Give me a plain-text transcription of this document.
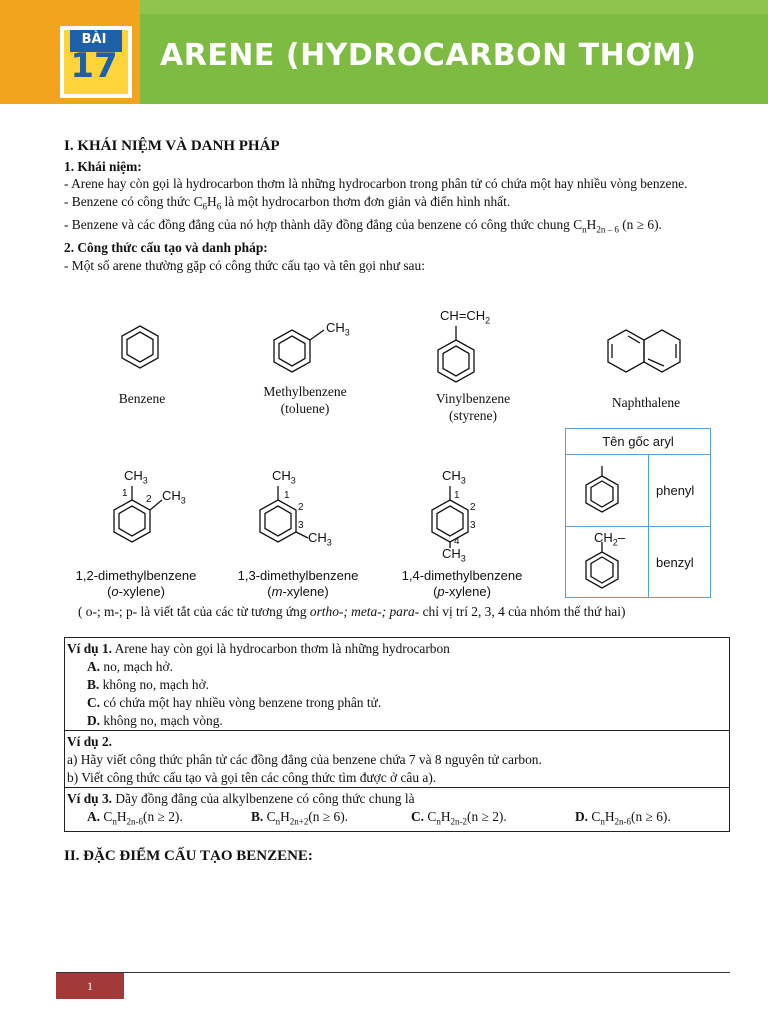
BÀI
17 ARENE (HYDROCARBON THƠM)
I. KHÁI NIỆM VÀ DANH PHÁP
1. Khái niệm:
- Arene hay còn gọi là hydrocarbon thơm là những hydrocarbon trong phân tử có chứa một hay nhiều vòng benzene.
- Benzene có công thức $C_6H_6$ là một hydrocarbon thơm đơn giản và điển hình nhất.
- Benzene và các đồng đẳng của nó hợp thành dãy đồng đẳng của benzene có công thức chung $C_nH_{2n - 6}$ (n ≥ 6).
2. Công thức cấu tạo và danh pháp:
- Một số arene thường gặp có công thức cấu tạo và tên gọi như sau:
$CH_3$
$CH=CH_2$
Benzene	Methylbenzene
(toluene)
Vinylbenzene
(styrene)
Naphthalene
$CH_3$
$CH_3$
1
2
$CH_3$
$CH_3$
1
2
3
$CH_3$
$CH_3$
1
2
3
4
1,2-dimethylbenzene
(o-xylene)
1,3-dimethylbenzene
(m-xylene)
1,4-dimethylbenzene
(p-xylene)
Tên gốc aryl
phenyl
$CH_2-$
benzyl
( o-; m-; p- là viết tắt của các từ tương ứng ortho-; meta-; para- chỉ vị trí 2, 3, 4 của nhóm thế thứ hai)
Ví dụ 1. Arene hay còn gọi là hydrocarbon thơm là những hydrocarbon
A. no, mạch hở.
B. không no, mạch hở.
C. có chứa một hay nhiều vòng benzene trong phân tử.
D. không no, mạch vòng.
Ví dụ 2.
a) Hãy viết công thức phân tử các đồng đẳng của benzene chứa 7 và 8 nguyên tử carbon.
b) Viết công thức cấu tạo và gọi tên các công thức tìm được ở câu a).
Ví dụ 3. Dãy đồng đẳng của alkylbenzene có công thức chung là
A. $C_nH_{2n-6}(n \ge 2)$.	B. $C_nH_{2n+2}(n \ge 6)$.	C. $C_nH_{2n-2}(n \ge 2)$.	D. $C_nH_{2n-6}(n \ge 6)$.
II. ĐẶC ĐIỂM CẤU TẠO BENZENE:
1
